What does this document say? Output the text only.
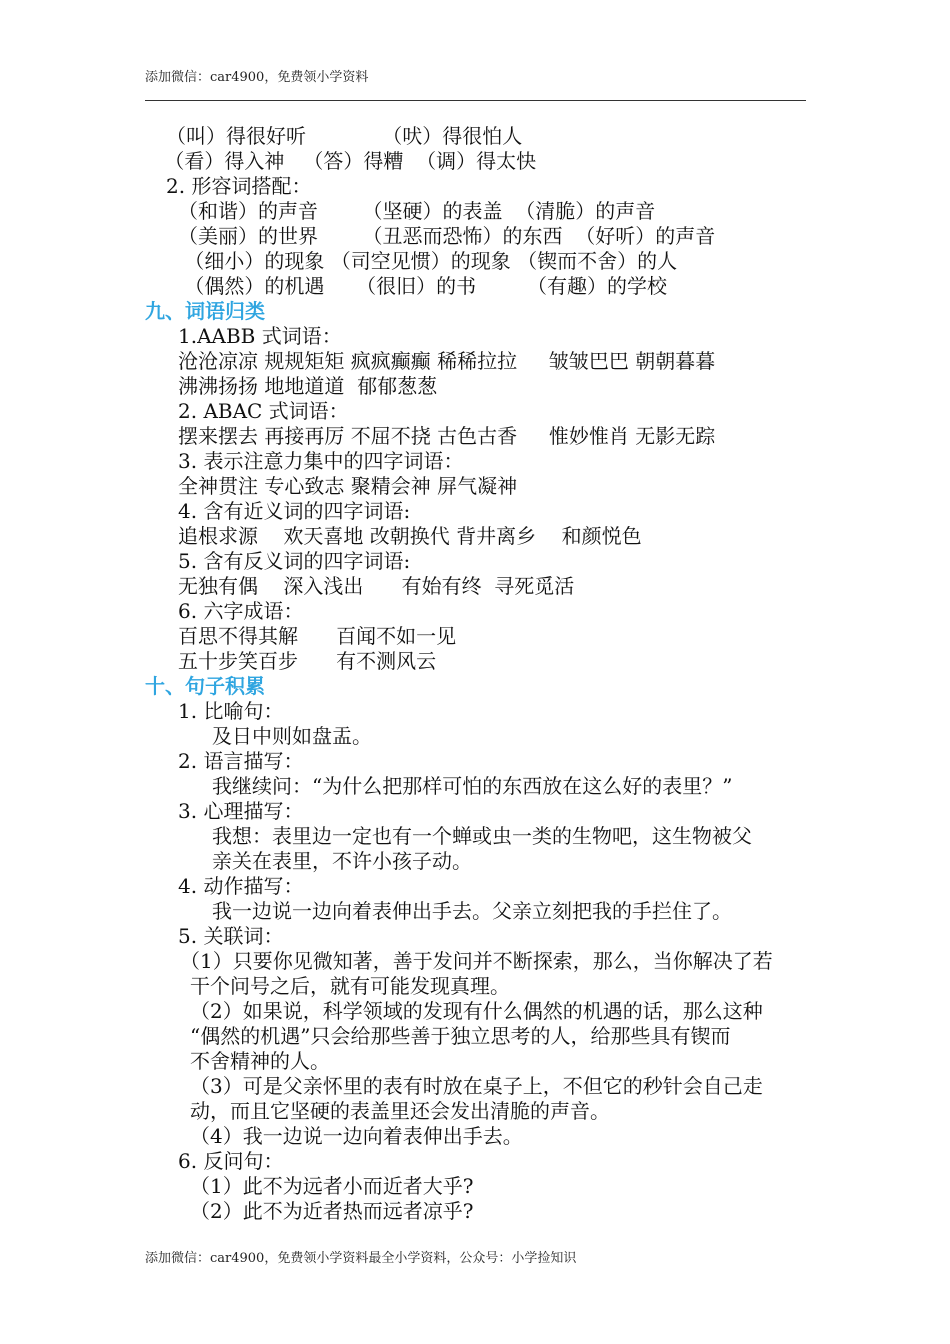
添加微信：car4900，免费领小学资料
（叫）得很好听            （吠）得很怕人
（看）得入神   （答）得糟  （调）得太快
2. 形容词搭配：
（和谐）的声音       （坚硬）的表盖  （清脆）的声音
（美丽）的世界       （丑恶而恐怖）的东西  （好听）的声音
（细小）的现象 （司空见惯）的现象 （锲而不舍）的人
（偶然）的机遇     （很旧）的书        （有趣）的学校
九、词语归类
1.AABB 式词语：
沧沧凉凉 规规矩矩 疯疯癫癫 稀稀拉拉     皱皱巴巴 朝朝暮暮
沸沸扬扬 地地道道  郁郁葱葱
2. ABAC 式词语：
摆来摆去 再接再厉 不屈不挠 古色古香     惟妙惟肖 无影无踪
3. 表示注意力集中的四字词语：
全神贯注 专心致志 聚精会神 屏气凝神
4. 含有近义词的四字词语:
追根求源    欢天喜地 改朝换代 背井离乡    和颜悦色
5. 含有反义词的四字词语:
无独有偶    深入浅出      有始有终  寻死觅活
6. 六字成语：
百思不得其解      百闻不如一见
五十步笑百步      有不测风云
十、句子积累
1. 比喻句：
及日中则如盘盂。
2. 语言描写：
我继续问：“为什么把那样可怕的东西放在这么好的表里？”
3. 心理描写：
我想：表里边一定也有一个蝉或虫一类的生物吧，这生物被父
亲关在表里，不许小孩子动。
4. 动作描写：
我一边说一边向着表伸出手去。父亲立刻把我的手拦住了。
5. 关联词：
（1）只要你见微知著，善于发问并不断探索，那么，当你解决了若
干个问号之后，就有可能发现真理。
（2）如果说，科学领域的发现有什么偶然的机遇的话，那么这种
“偶然的机遇”只会给那些善于独立思考的人，给那些具有锲而
不舍精神的人。
（3）可是父亲怀里的表有时放在桌子上，不但它的秒针会自己走
动，而且它坚硬的表盖里还会发出清脆的声音。
（4）我一边说一边向着表伸出手去。
6. 反问句：
（1）此不为远者小而近者大乎?
（2）此不为近者热而远者凉乎?
添加微信：car4900，免费领小学资料最全小学资料，公众号：小学捡知识
